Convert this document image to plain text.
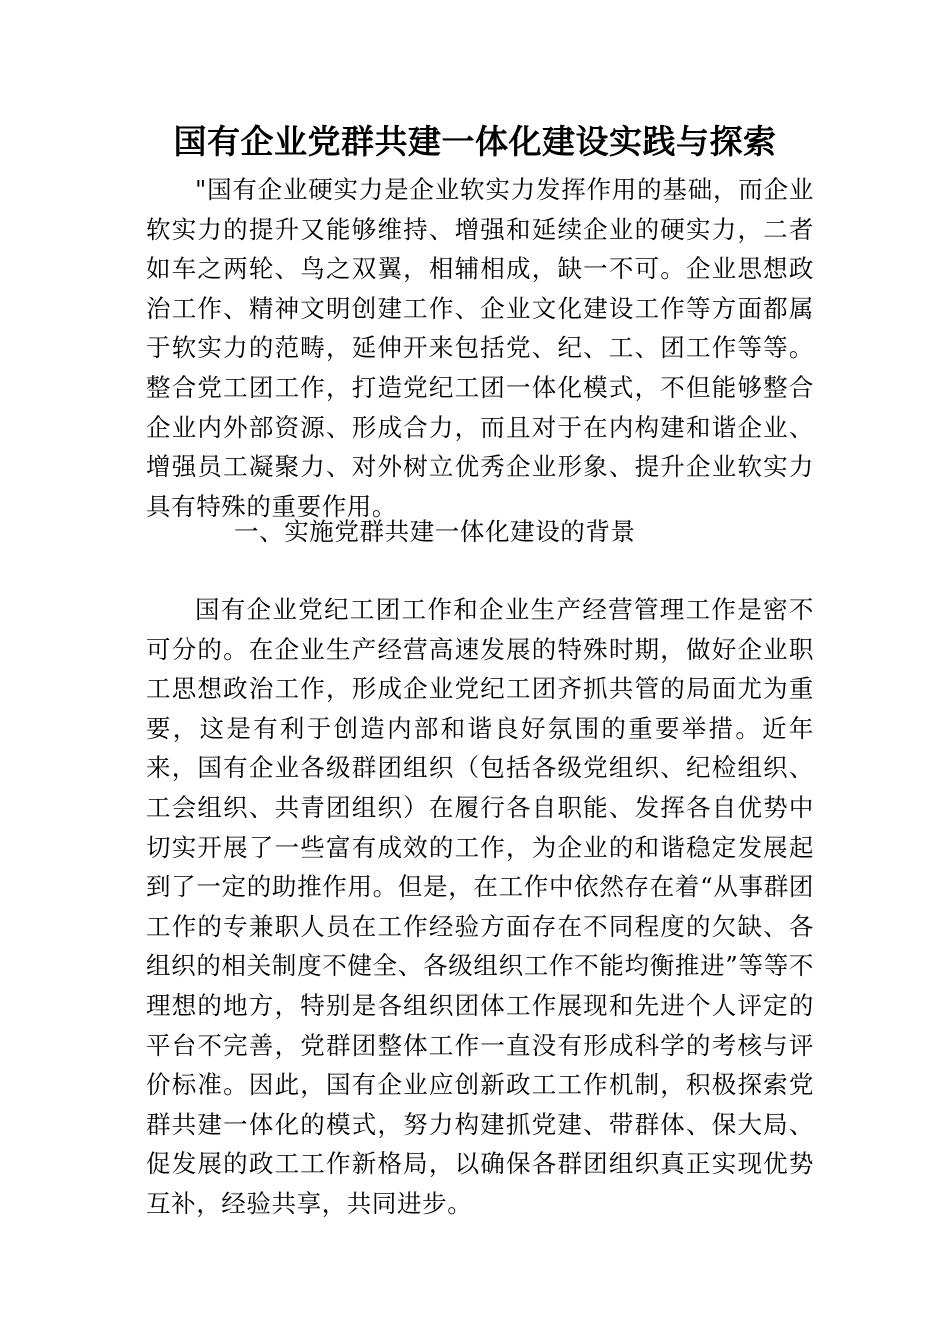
国有企业党群共建一体化建设实践与探索

"国有企业硬实力是企业软实力发挥作用的基础，而企业软实力的提升又能够维持、增强和延续企业的硬实力，二者如车之两轮、鸟之双翼，相辅相成，缺一不可。企业思想政治工作、精神文明创建工作、企业文化建设工作等方面都属于软实力的范畴，延伸开来包括党、纪、工、团工作等等。整合党工团工作，打造党纪工团一体化模式，不但能够整合企业内外部资源、形成合力，而且对于在内构建和谐企业、增强员工凝聚力、对外树立优秀企业形象、提升企业软实力具有特殊的重要作用。

一、实施党群共建一体化建设的背景

国有企业党纪工团工作和企业生产经营管理工作是密不可分的。在企业生产经营高速发展的特殊时期，做好企业职工思想政治工作，形成企业党纪工团齐抓共管的局面尤为重要，这是有利于创造内部和谐良好氛围的重要举措。近年来，国有企业各级群团组织（包括各级党组织、纪检组织、工会组织、共青团组织）在履行各自职能、发挥各自优势中切实开展了一些富有成效的工作，为企业的和谐稳定发展起到了一定的助推作用。但是，在工作中依然存在着“从事群团工作的专兼职人员在工作经验方面存在不同程度的欠缺、各组织的相关制度不健全、各级组织工作不能均衡推进”等等不理想的地方，特别是各组织团体工作展现和先进个人评定的平台不完善，党群团整体工作一直没有形成科学的考核与评价标准。因此，国有企业应创新政工工作机制，积极探索党群共建一体化的模式，努力构建抓党建、带群体、保大局、促发展的政工工作新格局，以确保各群团组织真正实现优势互补，经验共享，共同进步。
